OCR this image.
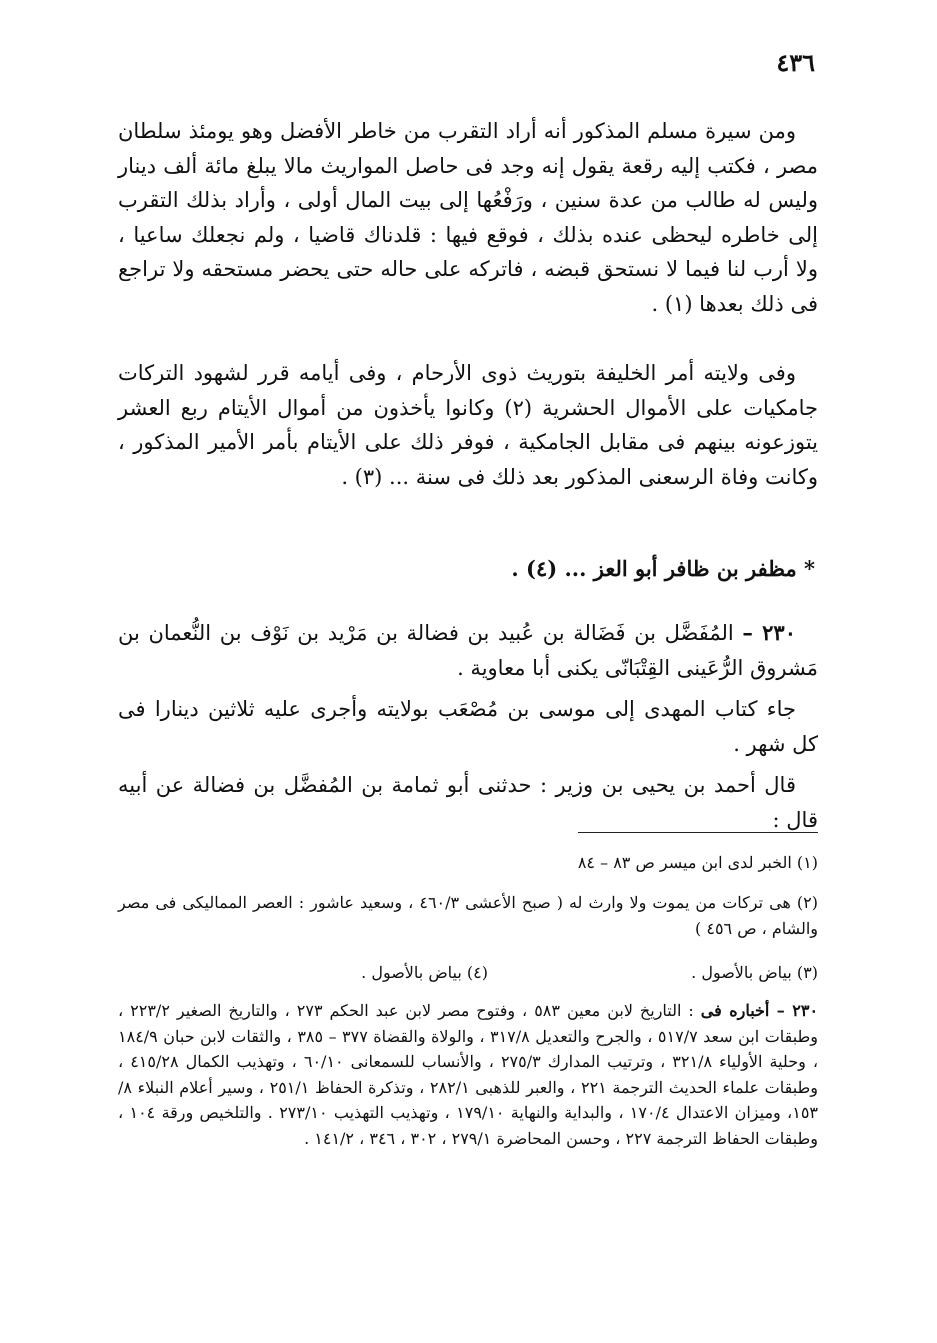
٤٣٦

ومن سيرة مسلم المذكور أنه أراد التقرب من خاطر الأفضل وهو يومئذ سلطان مصر ، فكتب إليه رقعة يقول إنه وجد فى حاصل المواريث مالا يبلغ مائة ألف دينار وليس له طالب من عدة سنين ، ورَفْعُها إلى بيت المال أولى ، وأراد بذلك التقرب إلى خاطره ليحظى عنده بذلك ، فوقع فيها : قلدناك قاضيا ، ولم نجعلك ساعيا ، ولا أرب لنا فيما لا نستحق قبضه ، فاتركه على حاله حتى يحضر مستحقه ولا تراجع فى ذلك بعدها (١) .

وفى ولايته أمر الخليفة بتوريث ذوى الأرحام ، وفى أيامه قرر لشهود التركات جامكيات على الأموال الحشرية (٢) وكانوا يأخذون من أموال الأيتام ربع العشر يتوزعونه بينهم فى مقابل الجامكية ، فوفر ذلك على الأيتام بأمر الأمير المذكور ، وكانت وفاة الرسعنى المذكور بعد ذلك فى سنة ... (٣) .

* مظفر بن ظافر أبو العز ... (٤) .

٢٣٠ – المُفَضَّل بن فَضَالة بن عُبيد بن فضالة بن مَرْيد بن نَوْف بن النُّعمان بن مَشروق الرُّعَينى القِتْبَانّى يكنى أبا معاوية .

جاء كتاب المهدى إلى موسى بن مُصْعَب بولايته وأجرى عليه ثلاثين دينارا فى كل شهر .

قال أحمد بن يحيى بن وزير : حدثنى أبو ثمامة بن المُفضَّل بن فضالة عن أبيه قال :

(١) الخبر لدى ابن ميسر ص ٨٣ – ٨٤

(٢) هى تركات من يموت ولا وارث له ( صبح الأعشى ٤٦٠/٣ ، وسعيد عاشور : العصر المماليكى فى مصر والشام ، ص ٤٥٦ )

(٣) بياض بالأصول .
(٤) بياض بالأصول .

٢٣٠ – أخباره فى : التاريخ لابن معين ٥٨٣ ، وفتوح مصر لابن عبد الحكم ٢٧٣ ، والتاريخ الصغير ٢٢٣/٢ ، وطبقات ابن سعد ٥١٧/٧ ، والجرح والتعديل ٣١٧/٨ ، والولاة والقضاة ٣٧٧ – ٣٨٥ ، والثقات لابن حبان ١٨٤/٩ ، وحلية الأولياء ٣٢١/٨ ، وترتيب المدارك ٢٧٥/٣ ، والأنساب للسمعانى ٦٠/١٠ ، وتهذيب الكمال ٤١٥/٢٨ ، وطبقات علماء الحديث الترجمة ٢٢١ ، والعبر للذهبى ٢٨٢/١ ، وتذكرة الحفاظ ٢٥١/١ ، وسير أعلام النبلاء ٨/ ١٥٣، وميزان الاعتدال ١٧٠/٤ ، والبداية والنهاية ١٧٩/١٠ ، وتهذيب التهذيب ٢٧٣/١٠ . والتلخيص ورقة ١٠٤ ، وطبقات الحفاظ الترجمة ٢٢٧ ، وحسن المحاضرة ٢٧٩/١ ، ٣٠٢ ، ٣٤٦ ، ١٤١/٢ .
